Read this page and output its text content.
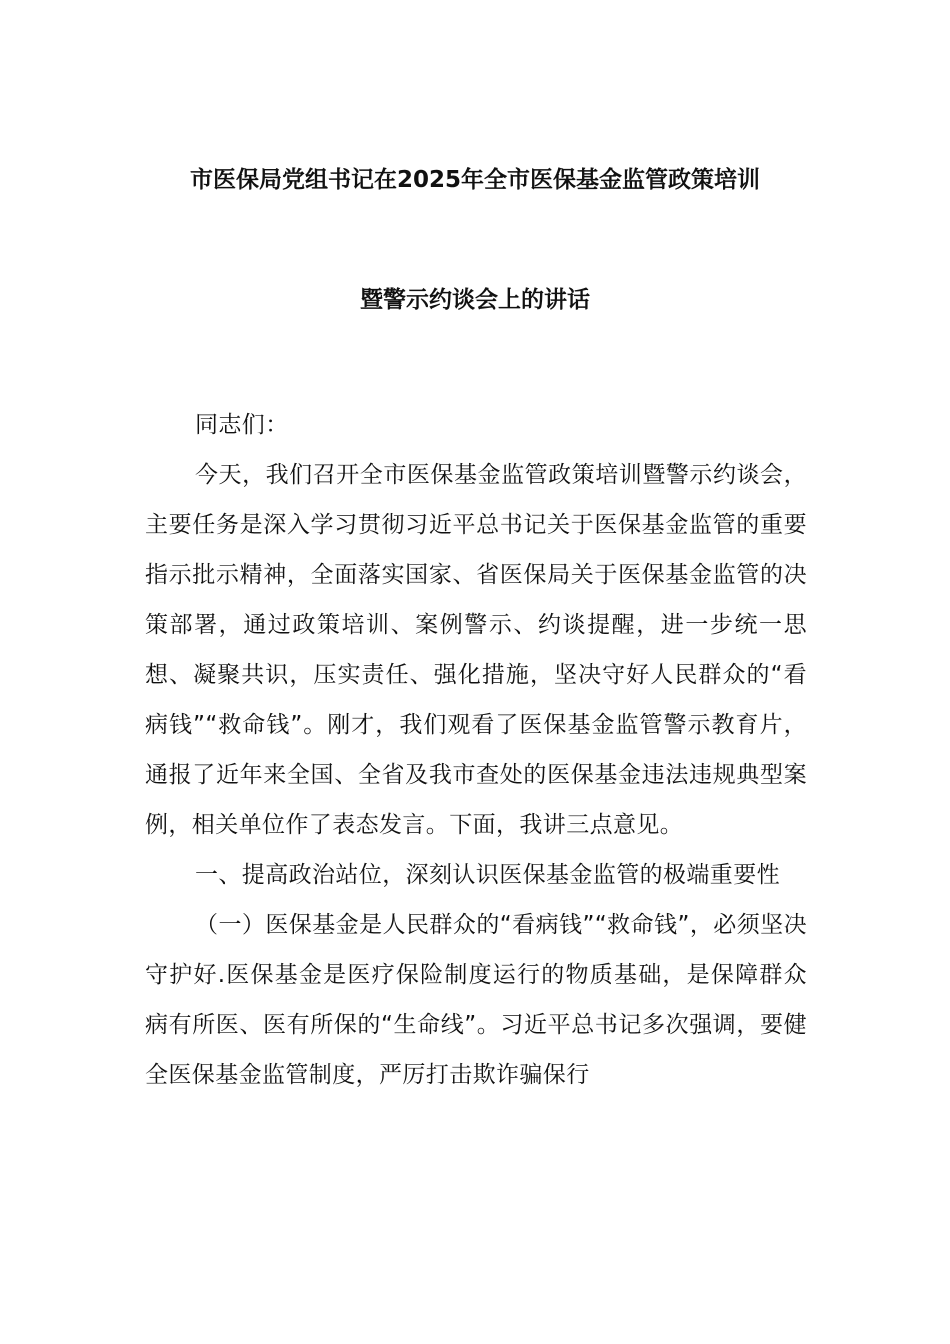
市医保局党组书记在2025年全市医保基金监管政策培训
暨警示约谈会上的讲话

同志们：

今天，我们召开全市医保基金监管政策培训暨警示约谈会，主要任务是深入学习贯彻习近平总书记关于医保基金监管的重要指示批示精神，全面落实国家、省医保局关于医保基金监管的决策部署，通过政策培训、案例警示、约谈提醒，进一步统一思想、凝聚共识，压实责任、强化措施，坚决守好人民群众的“看病钱”“救命钱”。刚才，我们观看了医保基金监管警示教育片，通报了近年来全国、全省及我市查处的医保基金违法违规典型案例，相关单位作了表态发言。下面，我讲三点意见。

一、提高政治站位，深刻认识医保基金监管的极端重要性

（一）医保基金是人民群众的“看病钱”“救命钱”，必须坚决守护好.医保基金是医疗保险制度运行的物质基础，是保障群众病有所医、医有所保的“生命线”。习近平总书记多次强调，要健全医保基金监管制度，严厉打击欺诈骗保行
